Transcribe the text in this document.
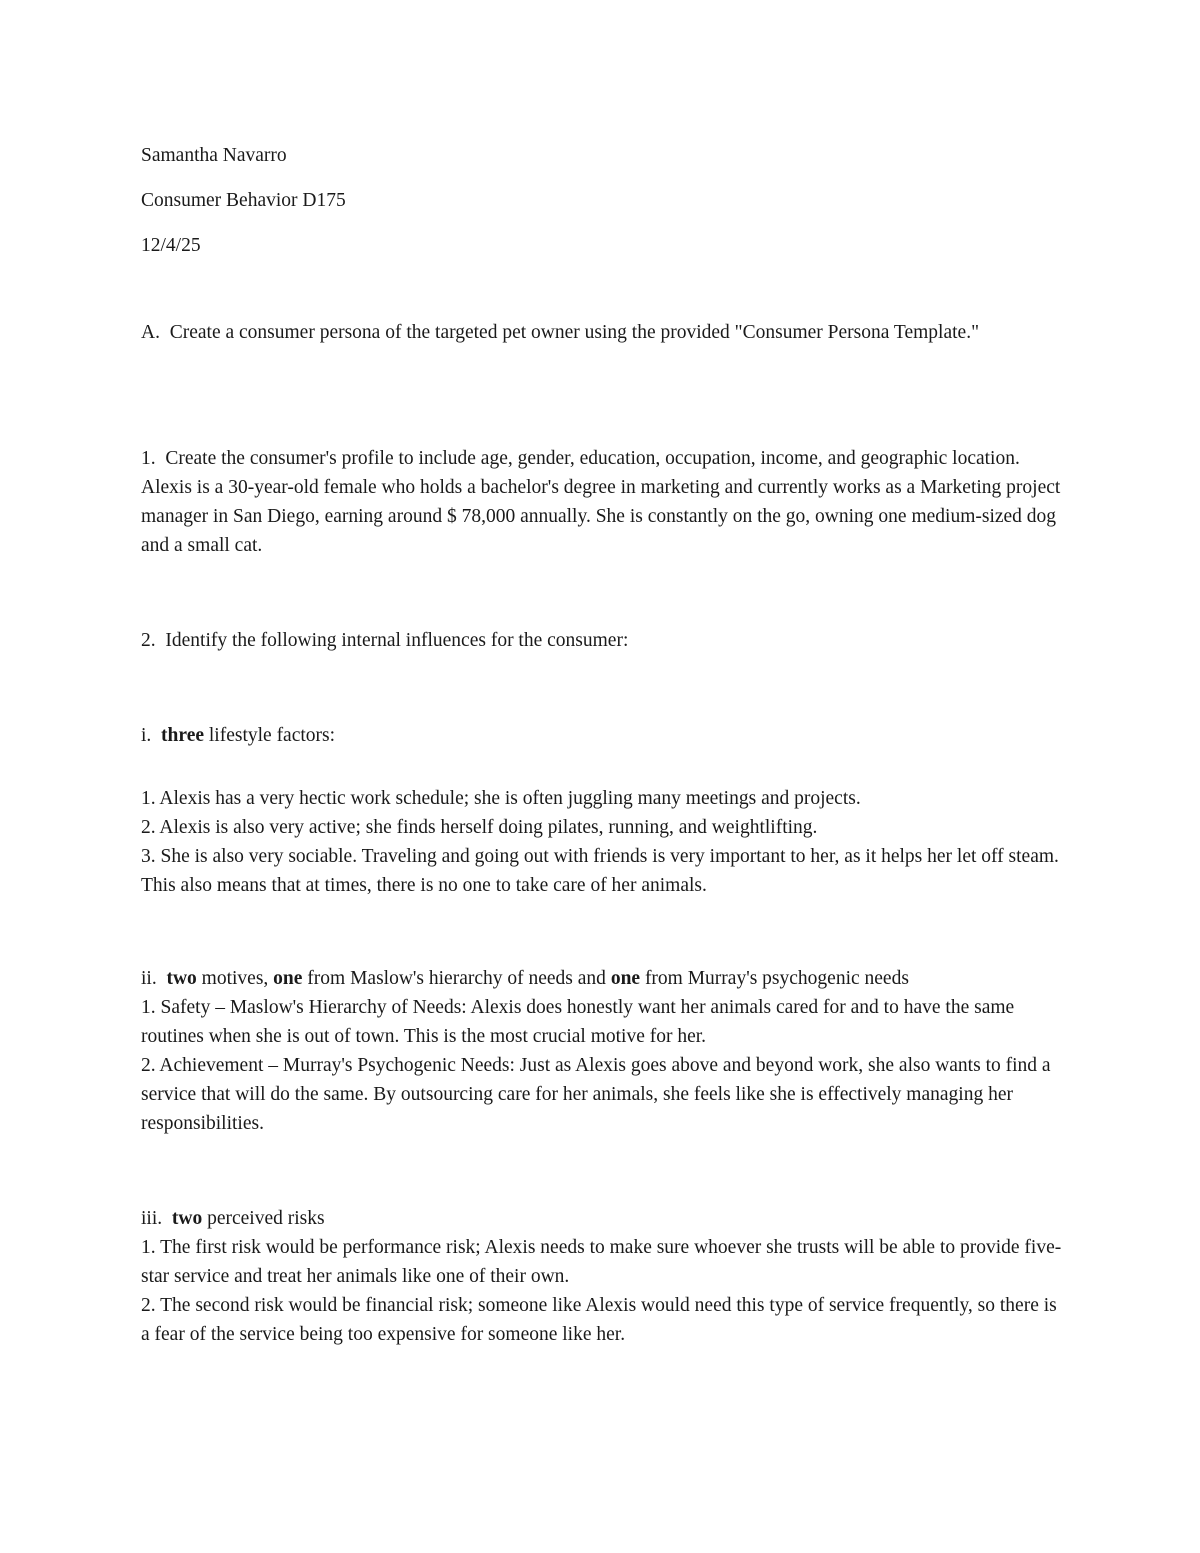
Samantha Navarro
Consumer Behavior D175
12/4/25

A. Create a consumer persona of the targeted pet owner using the provided "Consumer Persona Template."

1. Create the consumer's profile to include age, gender, education, occupation, income, and geographic location. Alexis is a 30-year-old female who holds a bachelor's degree in marketing and currently works as a Marketing project manager in San Diego, earning around $ 78,000 annually. She is constantly on the go, owning one medium-sized dog and a small cat.

2. Identify the following internal influences for the consumer:

i. three lifestyle factors:

1. Alexis has a very hectic work schedule; she is often juggling many meetings and projects.
2. Alexis is also very active; she finds herself doing pilates, running, and weightlifting.
3. She is also very sociable. Traveling and going out with friends is very important to her, as it helps her let off steam. This also means that at times, there is no one to take care of her animals.
ii. two motives, one from Maslow's hierarchy of needs and one from Murray's psychogenic needs
1. Safety – Maslow's Hierarchy of Needs: Alexis does honestly want her animals cared for and to have the same routines when she is out of town. This is the most crucial motive for her.
2. Achievement – Murray's Psychogenic Needs: Just as Alexis goes above and beyond work, she also wants to find a service that will do the same. By outsourcing care for her animals, she feels like she is effectively managing her responsibilities.
iii. two perceived risks
1. The first risk would be performance risk; Alexis needs to make sure whoever she trusts will be able to provide five-star service and treat her animals like one of their own.
2. The second risk would be financial risk; someone like Alexis would need this type of service frequently, so there is a fear of the service being too expensive for someone like her.
